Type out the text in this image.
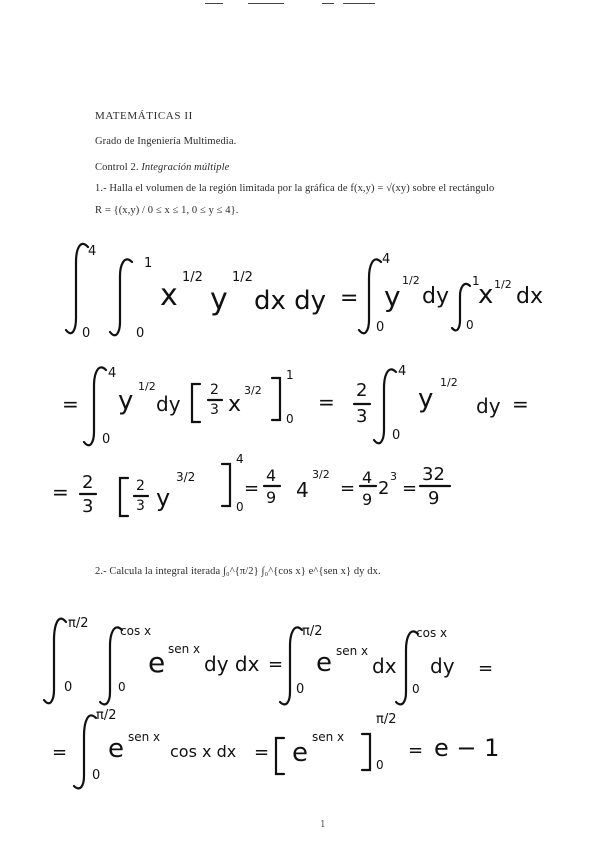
MATEMÁTICAS II
Grado de Ingeniería Multimedia.
Control 2. Integración múltiple
1.- Halla el volumen de la región limitada por la gráfica de f(x,y) = √(xy) sobre el rectángulo
R = {(x,y) / 0 ≤ x ≤ 1, 0 ≤ y ≤ 4}.
4
0
1
0
x
1/2
y
1/2
dx dy =
4
0
y 1/2
dy
1
0
x 1/2 dx
=
4
0
y 1/2
dy
2
3 x
3/2
1
0
= 2
3
4
0
y
1/2
dy =
= 2
3
2
3 y
3/2
4
0
=
4
9 4
3/2
=
4
9
2
3
=
32
9
2.- Calcula la integral iterada ∫₀^{π/2} ∫₀^{cos x} e^{sen x} dy dx.
π/2
0
cos x
0
e sen x
dy dx =
π/2
0
e sen x
dx
cos x
0
dy =
=
π/2
0
e sen x
cos x dx = e
sen x
π/2
0
= e − 1
1
